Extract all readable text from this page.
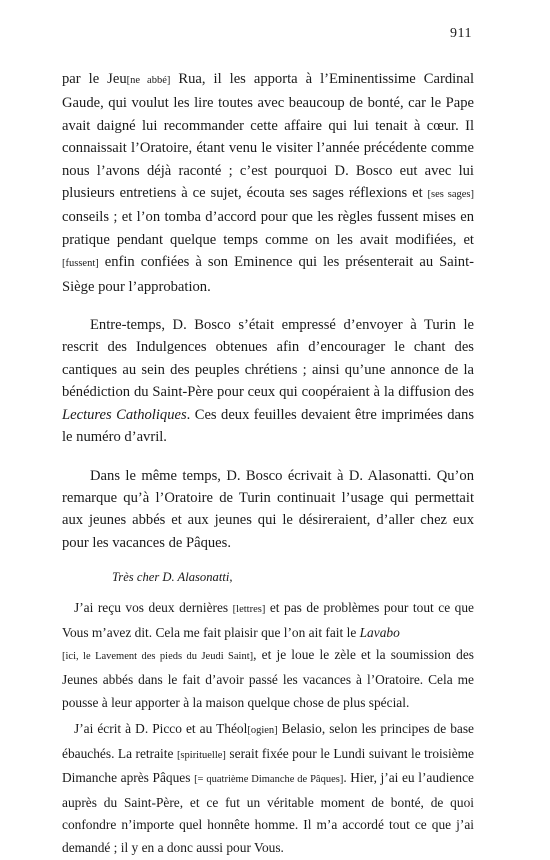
911

par le Jeu[ne abbé] Rua, il les apporta à l’Eminentissime Cardinal Gaude, qui voulut les lire toutes avec beaucoup de bonté, car le Pape avait daigné lui recommander cette affaire qui lui tenait à cœur. Il connaissait l’Oratoire, étant venu le visiter l’année précédente comme nous l’avons déjà raconté ; c’est pourquoi D. Bosco eut avec lui plusieurs entretiens à ce sujet, écouta ses sages réflexions et [ses sages] conseils ; et l’on tomba d’accord pour que les règles fussent mises en pratique pendant quelque temps comme on les avait modifiées, et [fussent] enfin confiées à son Eminence qui les présenterait au Saint-Siège pour l’approbation.

Entre-temps, D. Bosco s’était empressé d’envoyer à Turin le rescrit des Indulgences obtenues afin d’encourager le chant des cantiques au sein des peuples chrétiens ; ainsi qu’une annonce de la bénédiction du Saint-Père pour ceux qui coopéraient à la diffusion des Lectures Catholiques. Ces deux feuilles devaient être imprimées dans le numéro d’avril.

Dans le même temps, D. Bosco écrivait à D. Alasonatti. Qu’on remarque qu’à l’Oratoire de Turin continuait l’usage qui permettait aux jeunes abbés et aux jeunes qui le désireraient, d’aller chez eux pour les vacances de Pâques.

Très cher D. Alasonatti,

J’ai reçu vos deux dernières [lettres] et pas de problèmes pour tout ce que Vous m’avez dit. Cela me fait plaisir que l’on ait fait le Lavabo
[ici, le Lavement des pieds du Jeudi Saint], et je loue le zèle et la soumission des Jeunes abbés dans le fait d’avoir passé les vacances à l’Oratoire. Cela me pousse à leur apporter à la maison quelque chose de plus spécial.

J’ai écrit à D. Picco et au Théol[ogien] Belasio, selon les principes de base ébauchés. La retraite [spirituelle] serait fixée pour le Lundi suivant le troisième Dimanche après Pâques [= quatrième Dimanche de Pâques]. Hier, j’ai eu l’audience auprès du Saint-Père, et ce fut un véritable moment de bonté, de quoi confondre n’importe quel honnête homme. Il m’a accordé tout ce que j’ai demandé ; il y en a donc aussi pour Vous.
